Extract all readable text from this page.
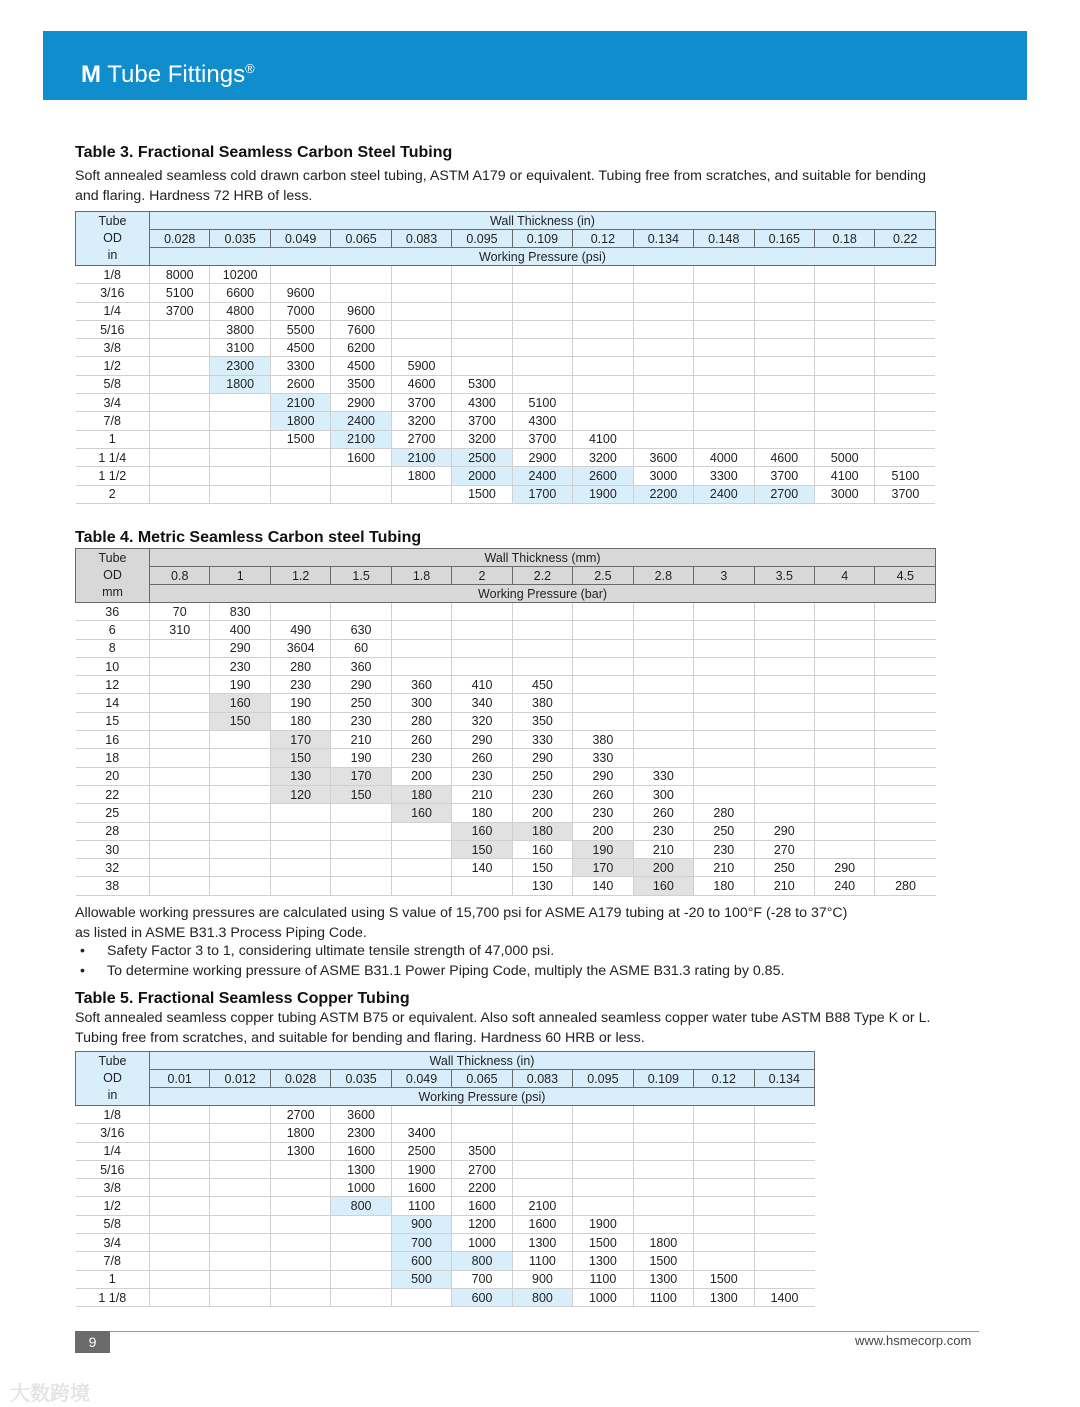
M Tube Fittings®
Table 3. Fractional Seamless Carbon Steel Tubing
Soft annealed seamless cold drawn carbon steel tubing, ASTM A179 or equivalent. Tubing free from scratches, and suitable for bending and flaring. Hardness 72 HRB of less.
Tube
OD
in	Wall Thickness (in)												
	0.028	0.035	0.049	0.065	0.083	0.095	0.109	0.12	0.134	0.148	0.165	0.18	0.22
	Working Pressure (psi)												
1/8	8000	10200											
3/16	5100	6600	9600										
1/4	3700	4800	7000	9600									
5/16		3800	5500	7600									
3/8		3100	4500	6200									
1/2		2300	3300	4500	5900								
5/8		1800	2600	3500	4600	5300							
3/4			2100	2900	3700	4300	5100						
7/8			1800	2400	3200	3700	4300						
1			1500	2100	2700	3200	3700	4100					
1 1/4				1600	2100	2500	2900	3200	3600	4000	4600	5000	
1 1/2					1800	2000	2400	2600	3000	3300	3700	4100	5100
2						1500	1700	1900	2200	2400	2700	3000	3700
Table 4. Metric Seamless Carbon steel Tubing
Tube
OD
mm	Wall Thickness (mm)												
	0.8	1	1.2	1.5	1.8	2	2.2	2.5	2.8	3	3.5	4	4.5
	Working Pressure (bar)												
36	70	830											
6	310	400	490	630									
8		290	3604	60									
10		230	280	360									
12		190	230	290	360	410	450						
14		160	190	250	300	340	380						
15		150	180	230	280	320	350						
16			170	210	260	290	330	380					
18			150	190	230	260	290	330					
20			130	170	200	230	250	290	330				
22			120	150	180	210	230	260	300				
25					160	180	200	230	260	280			
28						160	180	200	230	250	290		
30						150	160	190	210	230	270		
32						140	150	170	200	210	250	290	
38							130	140	160	180	210	240	280
Allowable working pressures are calculated using S value of 15,700 psi for ASME A179 tubing at -20 to 100°F (-28 to 37°C)
as listed in ASME B31.3 Process Piping Code.
• Safety Factor 3 to 1, considering ultimate tensile strength of 47,000 psi.
• To determine working pressure of ASME B31.1 Power Piping Code, multiply the ASME B31.3 rating by 0.85.
Table 5. Fractional Seamless Copper Tubing
Soft annealed seamless copper tubing ASTM B75 or equivalent. Also soft annealed seamless copper water tube ASTM B88 Type K or L. Tubing free from scratches, and suitable for bending and flaring. Hardness 60 HRB or less.
Tube
OD
in	Wall Thickness (in)										
	0.01	0.012	0.028	0.035	0.049	0.065	0.083	0.095	0.109	0.12	0.134
	Working Pressure (psi)										
1/8			2700	3600							
3/16			1800	2300	3400						
1/4			1300	1600	2500	3500					
5/16				1300	1900	2700					
3/8				1000	1600	2200					
1/2				800	1100	1600	2100				
5/8					900	1200	1600	1900			
3/4					700	1000	1300	1500	1800		
7/8					600	800	1100	1300	1500		
1					500	700	900	1100	1300	1500	
1 1/8						600	800	1000	1100	1300	1400
9	www.hsmecorp.com
大数跨境
